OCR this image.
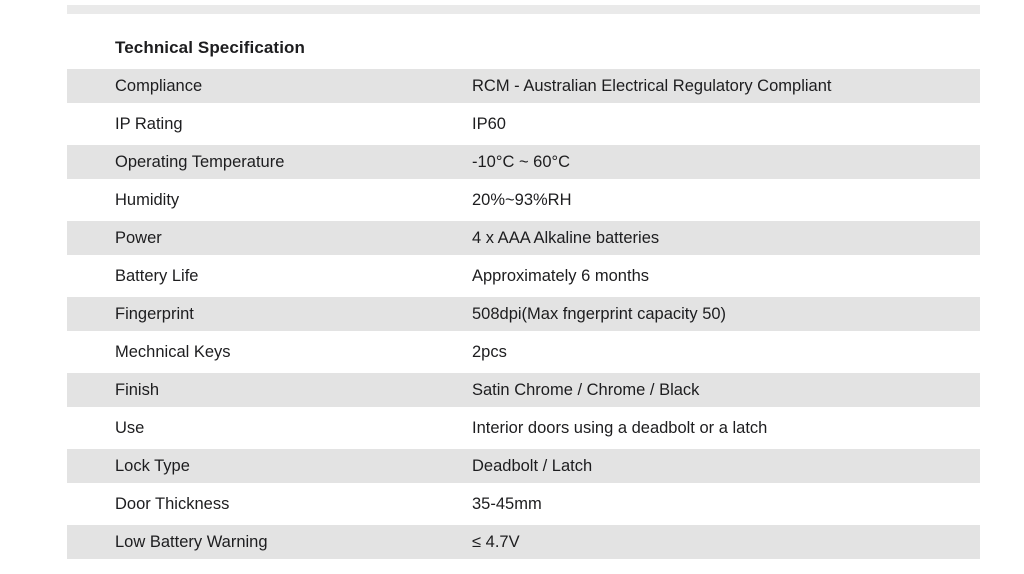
Technical Specification
Compliance	RCM - Australian Electrical Regulatory Compliant
IP Rating	IP60
Operating Temperature	-10°C ~ 60°C
Humidity	20%~93%RH
Power	4 x AAA Alkaline batteries
Battery Life	Approximately 6 months
Fingerprint	508dpi(Max fngerprint capacity 50)
Mechnical Keys	2pcs
Finish	Satin Chrome / Chrome / Black
Use	Interior doors using a deadbolt or a latch
Lock Type	Deadbolt / Latch
Door Thickness	35-45mm
Low Battery Warning	≤ 4.7V
